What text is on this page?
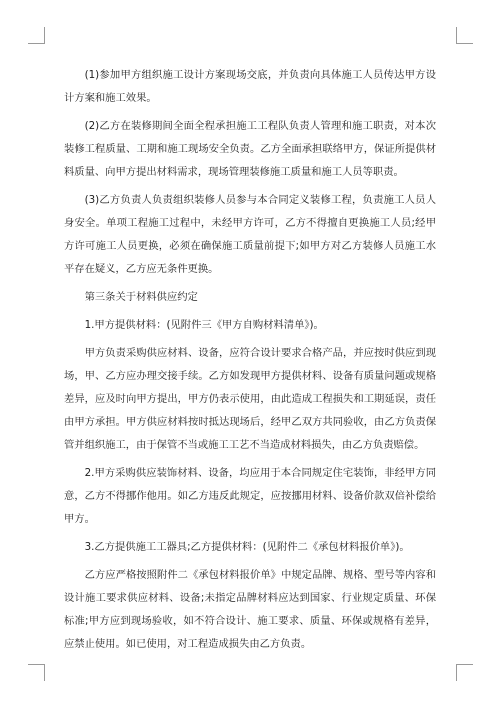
(1)参加甲方组织施工设计方案现场交底，并负责向具体施工人员传达甲方设计方案和施工效果。

(2)乙方在装修期间全面全程承担施工工程队负责人管理和施工职责，对本次装修工程质量、工期和施工现场安全负责。乙方全面承担联络甲方，保证所提供材料质量、向甲方提出材料需求，现场管理装修施工质量和施工人员等职责。

(3)乙方负责人负责组织装修人员参与本合同定义装修工程，负责施工人员人身安全。单项工程施工过程中，未经甲方许可，乙方不得擅自更换施工人员;经甲方许可施工人员更换，必须在确保施工质量前提下;如甲方对乙方装修人员施工水平存在疑义，乙方应无条件更换。

第三条关于材料供应约定

1.甲方提供材料：(见附件三《甲方自购材料清单》)。

甲方负责采购供应材料、设备，应符合设计要求合格产品，并应按时供应到现场，甲、乙方应办理交接手续。乙方如发现甲方提供材料、设备有质量问题或规格差异，应及时向甲方提出，甲方仍表示使用，由此造成工程损失和工期延误，责任由甲方承担。甲方供应材料按时抵达现场后，经甲乙双方共同验收，由乙方负责保管并组织施工，由于保管不当或施工工艺不当造成材料损失，由乙方负责赔偿。

2.甲方采购供应装饰材料、设备，均应用于本合同规定住宅装饰，非经甲方同意，乙方不得挪作他用。如乙方违反此规定，应按挪用材料、设备价款双倍补偿给甲方。

3.乙方提供施工工器具;乙方提供材料：(见附件二《承包材料报价单》)。

乙方应严格按照附件二《承包材料报价单》中规定品牌、规格、型号等内容和设计施工要求供应材料、设备;未指定品牌材料应达到国家、行业规定质量、环保标准;甲方应到现场验收，如不符合设计、施工要求、质量、环保或规格有差异，应禁止使用。如已使用，对工程造成损失由乙方负责。
